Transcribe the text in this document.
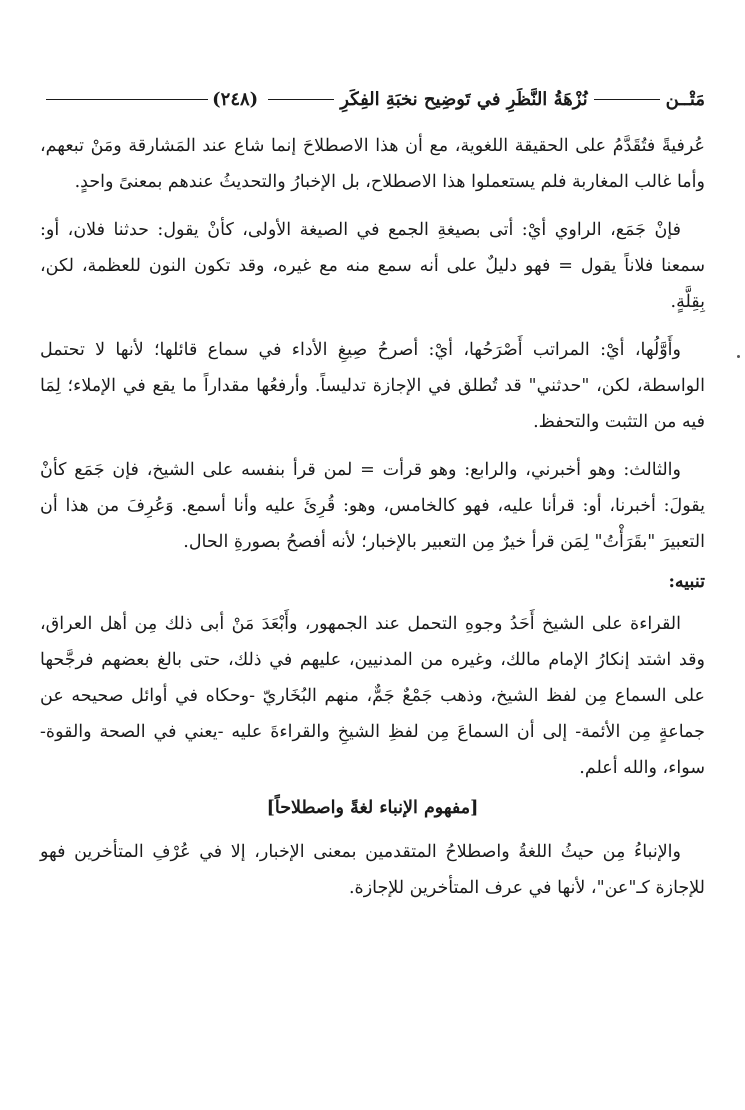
مَتْــن
نُزْهَةُ النَّظَرِ في تَوضِيح نخبَةِ الفِكَرِ
(٢٤٨)

عُرفيةً فتُقَدَّمُ على الحقيقة اللغوية، مع أن هذا الاصطلاحَ إنما شاع عند المَشارقة ومَنْ تبعهم، وأما غالب المغاربة فلم يستعملوا هذا الاصطلاح، بل الإخبارُ والتحديثُ عندهم بمعنىً واحدٍ.

فإنْ جَمَع، الراوي أيْ: أتى بصيغةِ الجمع في الصيغة الأولى، كأنْ يقول: حدثنا فلان، أو: سمعنا فلاناً يقول = فهو دليلٌ على أنه سمع منه مع غيره، وقد تكون النون للعظمة، لكن، بِقِلَّةٍ.

وأَوَّلُها، أيْ: المراتب أَصْرَحُها، أيْ: أصرحُ صِيغِ الأداء في سماع قائلها؛ لأنها لا تحتمل الواسطة، لكن، "حدثني" قد تُطلق في الإجازة تدليساً. وأرفعُها مقداراً ما يقع في الإملاء؛ لِمَا فيه من التثبت والتحفظ.

والثالث: وهو أخبرني، والرابع: وهو قرأت = لمن قرأ بنفسه على الشيخ، فإن جَمَع كأنْ يقولَ: أخبرنا، أو: قرأنا عليه، فهو كالخامس، وهو: قُرِئَ عليه وأنا أسمع. وَعُرِفَ من هذا أن التعبيرَ "بقَرَأْتُ" لِمَن قرأ خيرٌ مِن التعبير بالإخبار؛ لأنه أفصحُ بصورةِ الحال.

تنبيه:

القراءة على الشيخ أَحَدُ وجوهِ التحمل عند الجمهور، وأَبْعَدَ مَنْ أبى ذلك مِن أهل العراق، وقد اشتد إنكارُ الإمام مالك، وغيره من المدنيين، عليهم في ذلك، حتى بالغ بعضهم فرجَّحها على السماع مِن لفظ الشيخ، وذهب جَمْعٌ جَمٌّ، منهم البُخَاريّ -وحكاه في أوائل صحيحه عن جماعةٍ مِن الأئمة- إلى أن السماعَ مِن لفظِ الشيخِ والقراءةَ عليه -يعني في الصحة والقوة- سواء، والله أعلم.

[مفهوم الإنباء لغةً واصطلاحاً]

والإنباءُ مِن حيثُ اللغةُ واصطلاحُ المتقدمين بمعنى الإخبار، إلا في عُرْفِ المتأخرين فهو للإجازة كـ"عن"، لأنها في عرف المتأخرين للإجازة.
